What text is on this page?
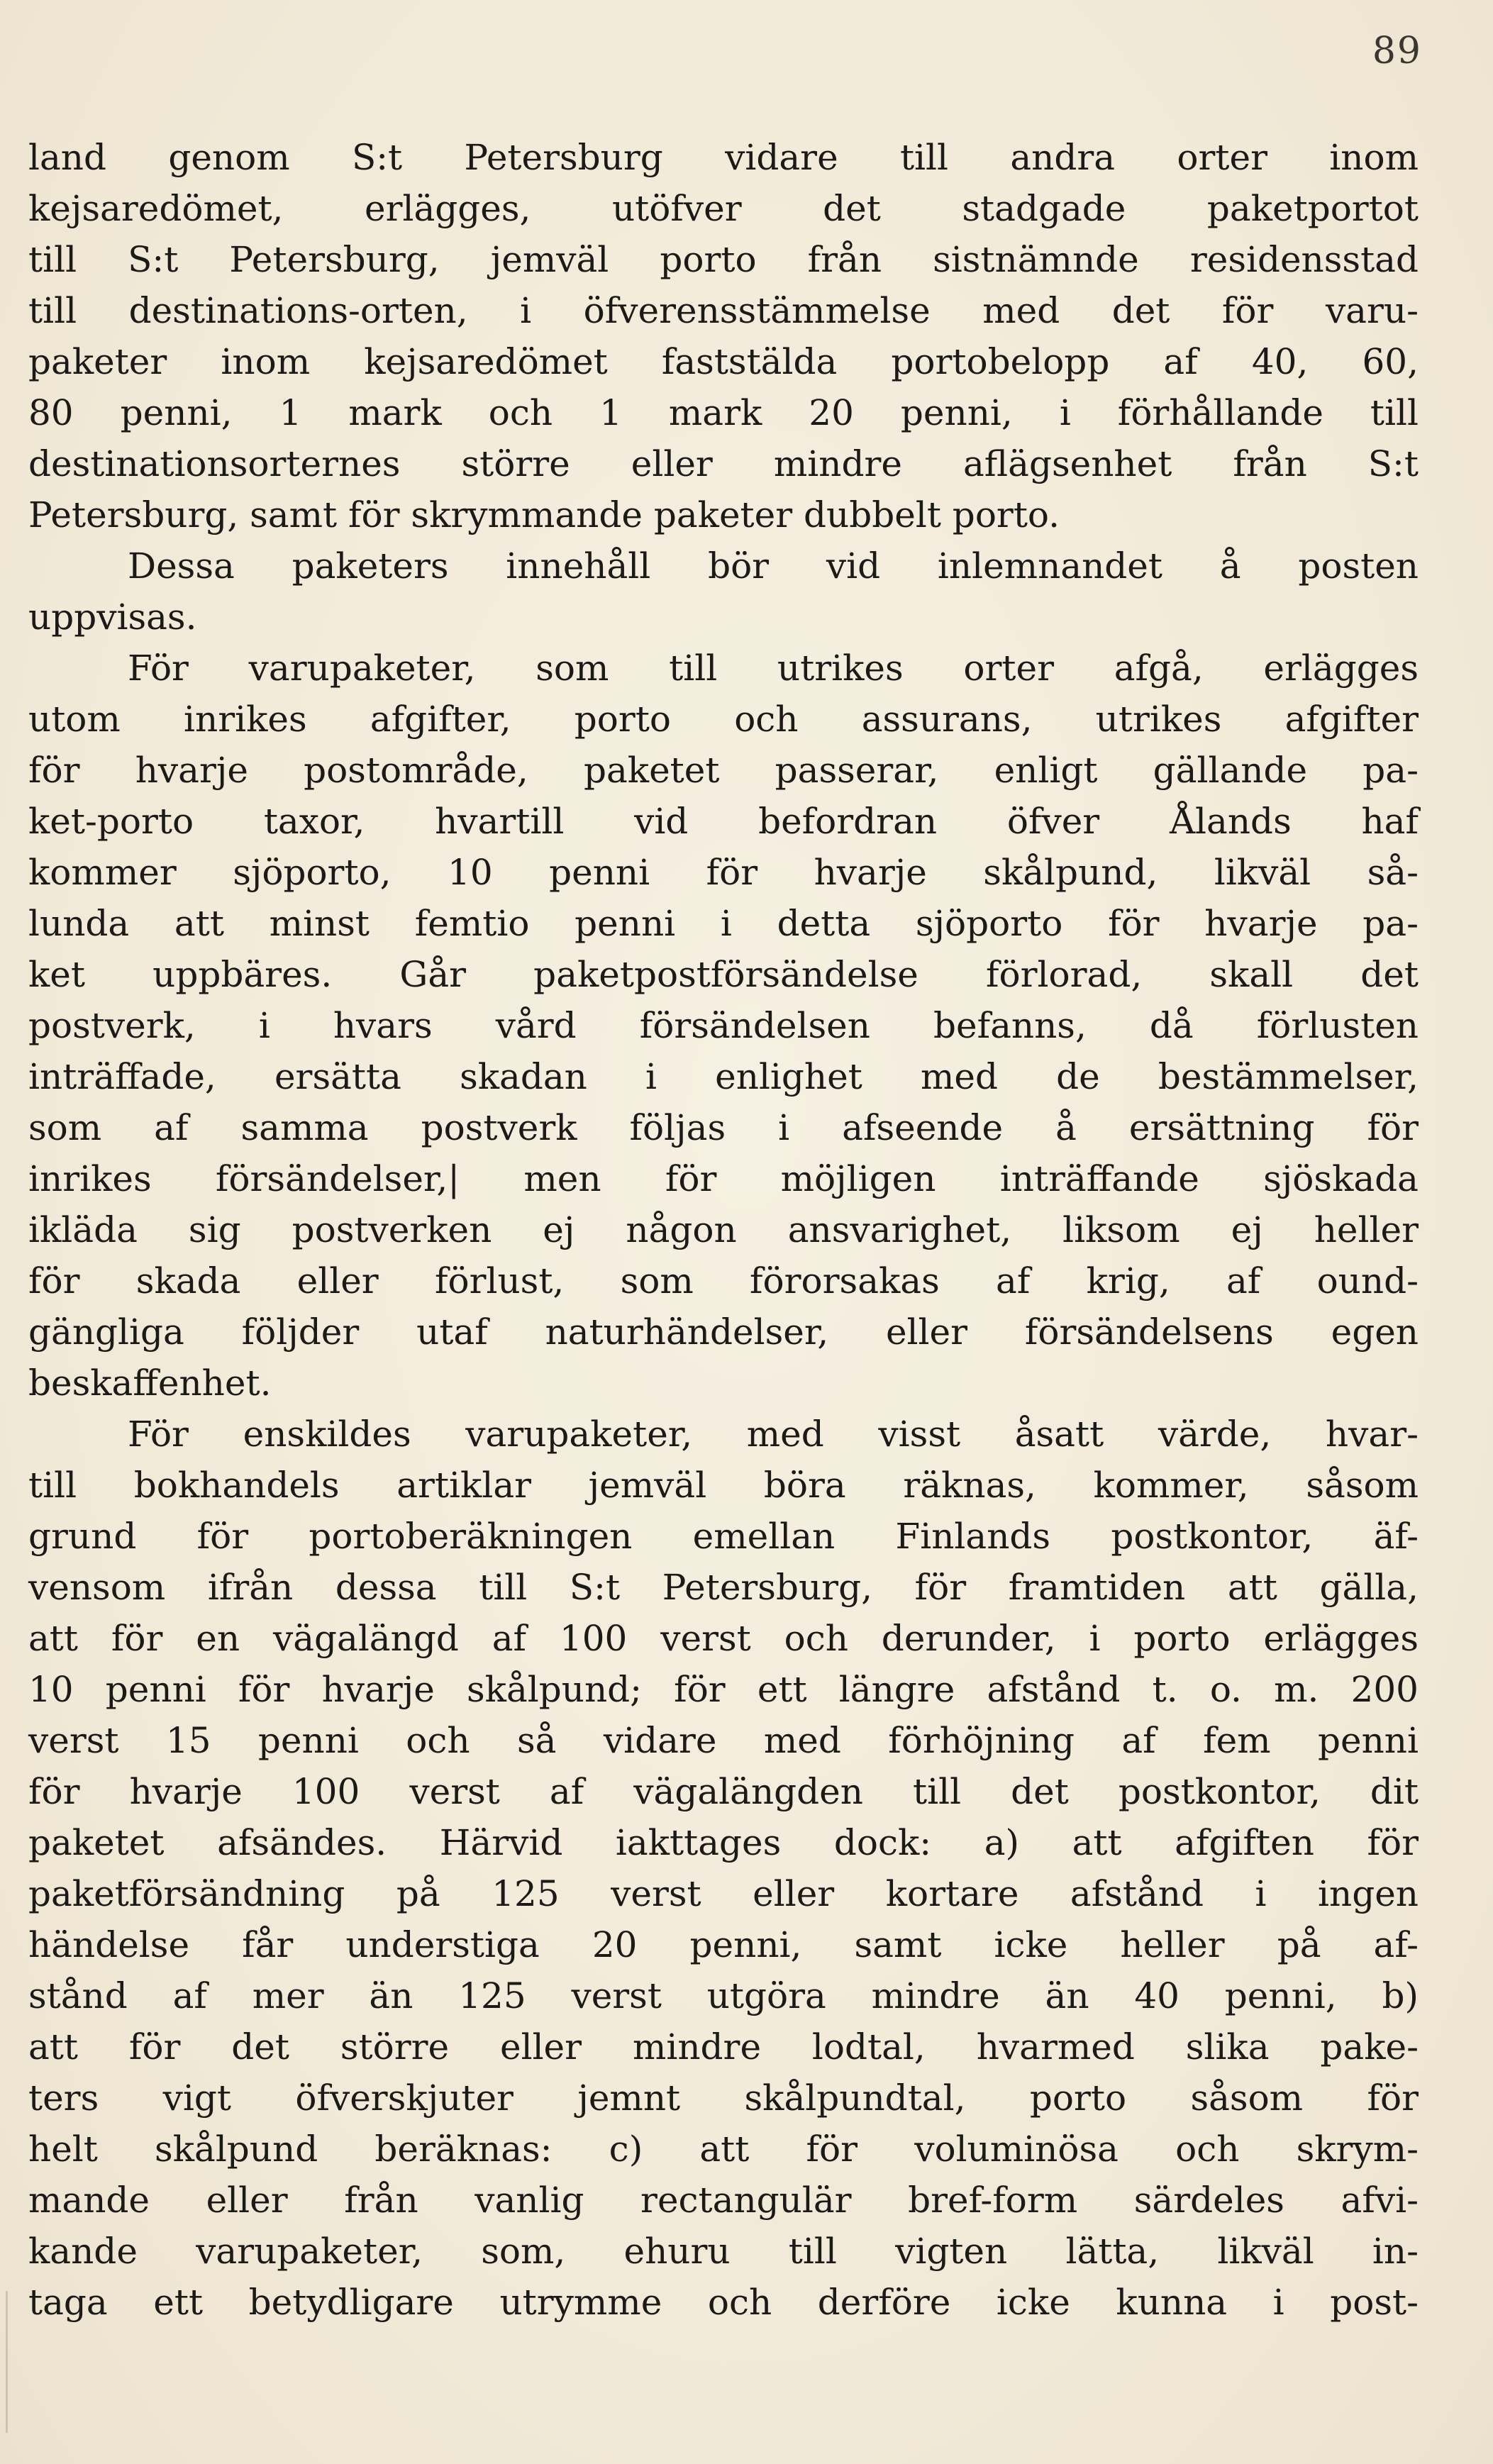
89
land genom S:t Petersburg vidare till andra orter inom
kejsaredömet, erlägges, utöfver det stadgade paketportot
till S:t Petersburg, jemväl porto från sistnämnde residensstad
till destinations-orten, i öfverensstämmelse med det för varu-
paketer inom kejsaredömet faststälda portobelopp af 40, 60,
80 penni, 1 mark och 1 mark 20 penni, i förhållande till
destinationsorternes större eller mindre aflägsenhet från S:t
Petersburg, samt för skrymmande paketer dubbelt porto.
Dessa paketers innehåll bör vid inlemnandet å posten
uppvisas.
För varupaketer, som till utrikes orter afgå, erlägges
utom inrikes afgifter, porto och assurans, utrikes afgifter
för hvarje postområde, paketet passerar, enligt gällande pa-
ket-porto taxor, hvartill vid befordran öfver Ålands haf
kommer sjöporto, 10 penni för hvarje skålpund, likväl så-
lunda att minst femtio penni i detta sjöporto för hvarje pa-
ket uppbäres. Går paketpostförsändelse förlorad, skall det
postverk, i hvars vård försändelsen befanns, då förlusten
inträffade, ersätta skadan i enlighet med de bestämmelser,
som af samma postverk följas i afseende å ersättning för
inrikes försändelser,| men för möjligen inträffande sjöskada
ikläda sig postverken ej någon ansvarighet, liksom ej heller
för skada eller förlust, som förorsakas af krig, af ound-
gängliga följder utaf naturhändelser, eller försändelsens egen
beskaffenhet.
För enskildes varupaketer, med visst åsatt värde, hvar-
till bokhandels artiklar jemväl böra räknas, kommer, såsom
grund för portoberäkningen emellan Finlands postkontor, äf-
vensom ifrån dessa till S:t Petersburg, för framtiden att gälla,
att för en vägalängd af 100 verst och derunder, i porto erlägges
10 penni för hvarje skålpund; för ett längre afstånd t. o. m. 200
verst 15 penni och så vidare med förhöjning af fem penni
för hvarje 100 verst af vägalängden till det postkontor, dit
paketet afsändes. Härvid iakttages dock: a) att afgiften för
paketförsändning på 125 verst eller kortare afstånd i ingen
händelse får understiga 20 penni, samt icke heller på af-
stånd af mer än 125 verst utgöra mindre än 40 penni, b)
att för det större eller mindre lodtal, hvarmed slika pake-
ters vigt öfverskjuter jemnt skålpundtal, porto såsom för
helt skålpund beräknas: c) att för voluminösa och skrym-
mande eller från vanlig rectangulär bref-form särdeles afvi-
kande varupaketer, som, ehuru till vigten lätta, likväl in-
taga ett betydligare utrymme och derföre icke kunna i post-
